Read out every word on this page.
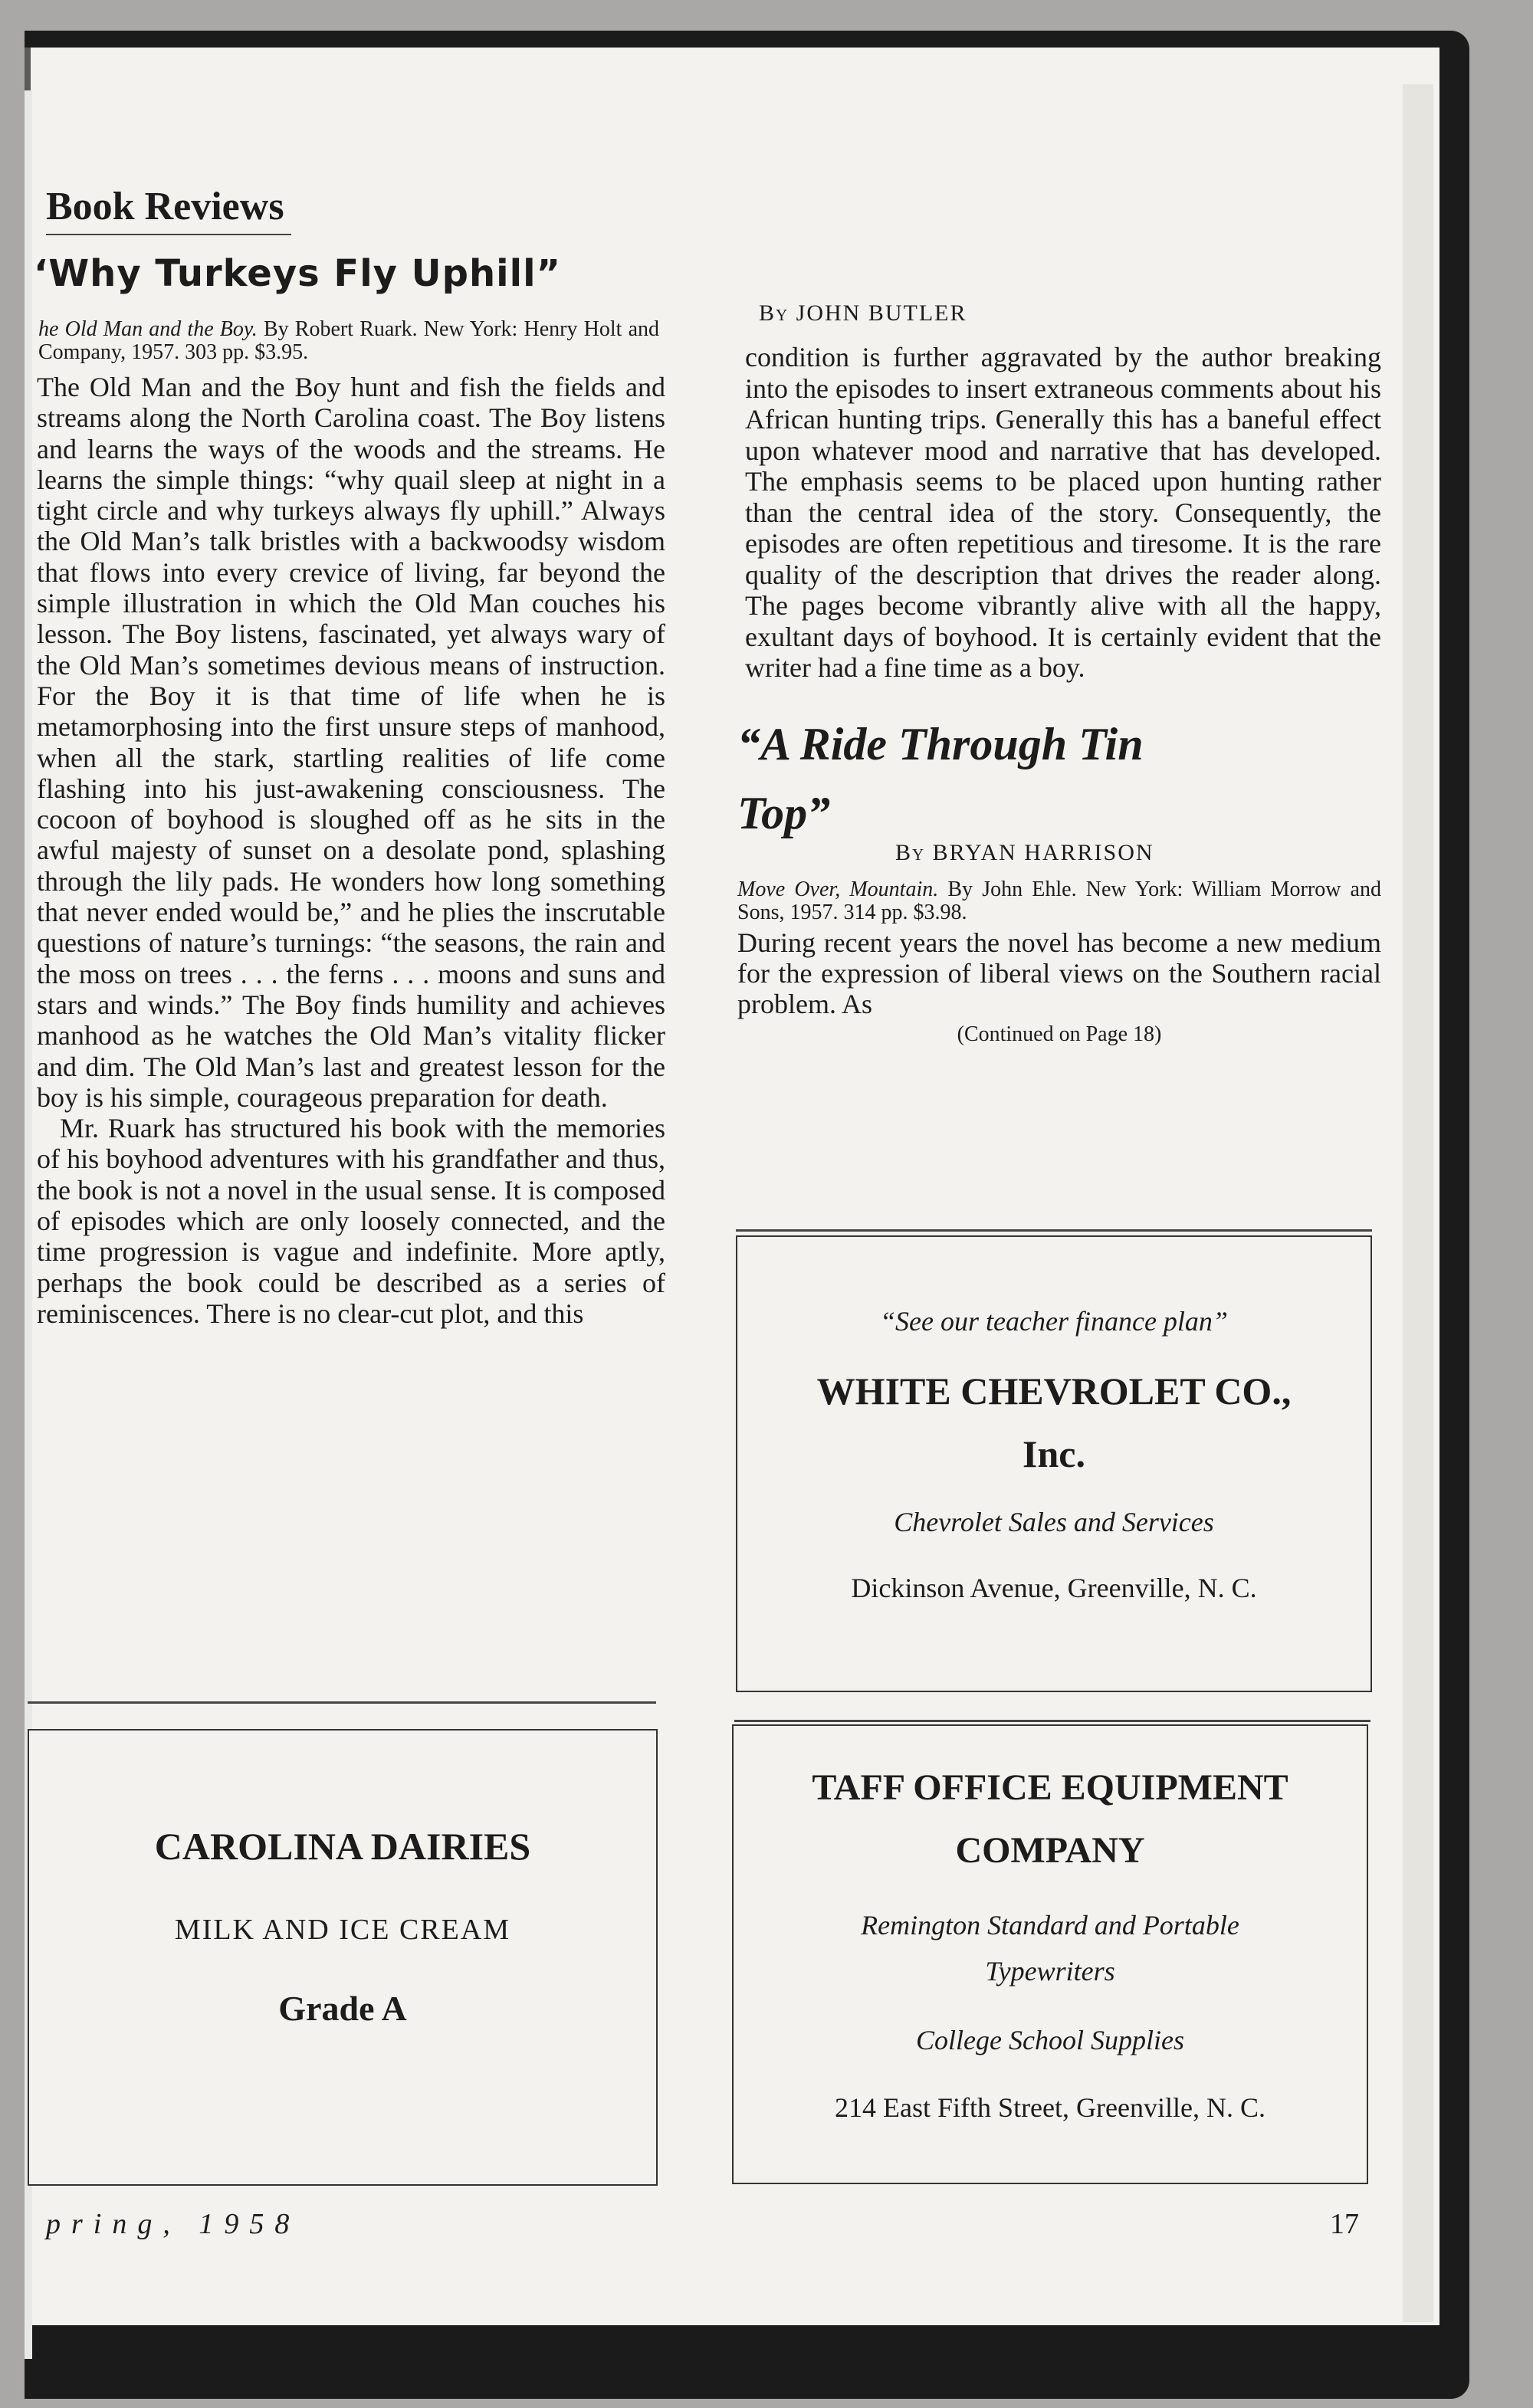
Book Reviews
‘Why Turkeys Fly Uphill”

he Old Man and the Boy. By Robert Ruark. New York: Henry Holt and Company, 1957. 303 pp. $3.95.

The Old Man and the Boy hunt and fish the fields and streams along the North Carolina coast. The Boy listens and learns the ways of the woods and the streams. He learns the simple things: “why quail sleep at night in a tight circle and why turkeys always fly uphill.” Always the Old Man’s talk bristles with a backwoodsy wisdom that flows into every crevice of living, far beyond the simple illustration in which the Old Man couches his lesson. The Boy listens, fascinated, yet always wary of the Old Man’s sometimes devious means of instruction. For the Boy it is that time of life when he is metamorphosing into the first unsure steps of manhood, when all the stark, startling realities of life come flashing into his just-awakening consciousness. The cocoon of boyhood is sloughed off as he sits in the awful majesty of sunset on a desolate pond, splashing through the lily pads. He wonders how long something that never ended would be,” and he plies the inscrutable questions of nature’s turnings: “the seasons, the rain and the moss on trees . . . the ferns . . . moons and suns and stars and winds.” The Boy finds humility and achieves manhood as he watches the Old Man’s vitality flicker and dim. The Old Man’s last and greatest lesson for the boy is his simple, courageous preparation for death.

Mr. Ruark has structured his book with the memories of his boyhood adventures with his grandfather and thus, the book is not a novel in the usual sense. It is composed of episodes which are only loosely connected, and the time progression is vague and indefinite. More aptly, perhaps the book could be described as a series of reminiscences. There is no clear-cut plot, and this

By JOHN BUTLER

condition is further aggravated by the author breaking into the episodes to insert extraneous comments about his African hunting trips. Generally this has a baneful effect upon whatever mood and narrative that has developed. The emphasis seems to be placed upon hunting rather than the central idea of the story. Consequently, the episodes are often repetitious and tiresome. It is the rare quality of the description that drives the reader along. The pages become vibrantly alive with all the happy, exultant days of boyhood. It is certainly evident that the writer had a fine time as a boy.

“A Ride Through Tin Top”
By BRYAN HARRISON

Move Over, Mountain. By John Ehle. New York: William Morrow and Sons, 1957. 314 pp. $3.98.

During recent years the novel has become a new medium for the expression of liberal views on the Southern racial problem. As

(Continued on Page 18)

“See our teacher finance plan”
WHITE CHEVROLET CO.,
Inc.
Chevrolet Sales and Services
Dickinson Avenue, Greenville, N. C.
CAROLINA DAIRIES
MILK AND ICE CREAM
Grade A
TAFF OFFICE EQUIPMENT
COMPANY
Remington Standard and Portable
Typewriters
College School Supplies
214 East Fifth Street, Greenville, N. C.
pring, 1958	17
